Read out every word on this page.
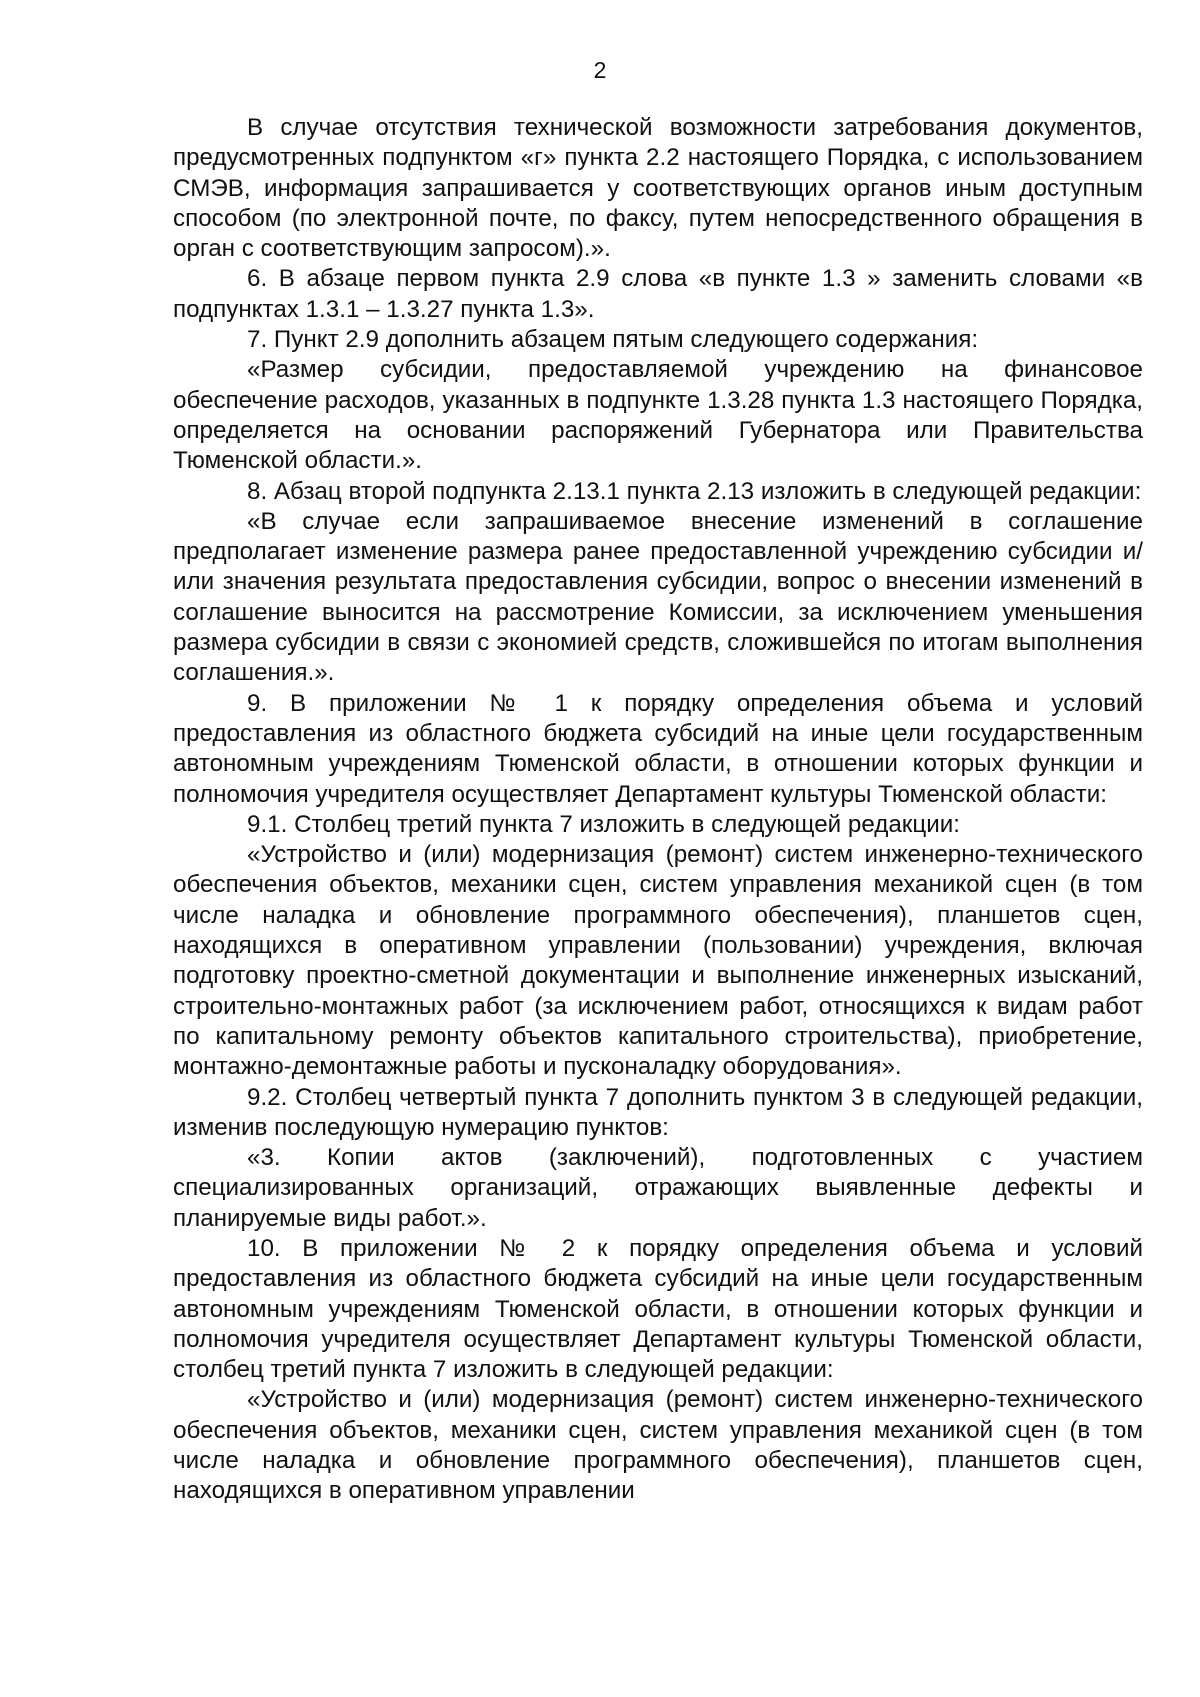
2

В случае отсутствия технической возможности затребования документов, предусмотренных подпунктом «г» пункта 2.2 настоящего Порядка, с использованием СМЭВ, информация запрашивается у соответствующих органов иным доступным способом (по электронной почте, по факсу, путем непосредственного обращения в орган с соответствующим запросом).».

6. В абзаце первом пункта 2.9 слова «в пункте 1.3 » заменить словами «в подпунктах 1.3.1 – 1.3.27 пункта 1.3».

7. Пункт 2.9 дополнить абзацем пятым следующего содержания:

«Размер субсидии, предоставляемой учреждению на финансовое обеспечение расходов, указанных в подпункте 1.3.28 пункта 1.3 настоящего Порядка, определяется на основании распоряжений Губернатора или Правительства Тюменской области.».

8. Абзац второй подпункта 2.13.1 пункта 2.13 изложить в следующей редакции:

«В случае если запрашиваемое внесение изменений в соглашение предполагает изменение размера ранее предоставленной учреждению субсидии и/или значения результата предоставления субсидии, вопрос о внесении изменений в соглашение выносится на рассмотрение Комиссии, за исключением уменьшения размера субсидии в связи с экономией средств, сложившейся по итогам выполнения соглашения.».

9. В приложении № 1 к порядку определения объема и условий предоставления из областного бюджета субсидий на иные цели государственным автономным учреждениям Тюменской области, в отношении которых функции и полномочия учредителя осуществляет Департамент культуры Тюменской области:

9.1. Столбец третий пункта 7 изложить в следующей редакции:

«Устройство и (или) модернизация (ремонт) систем инженерно-технического обеспечения объектов, механики сцен, систем управления механикой сцен (в том числе наладка и обновление программного обеспечения), планшетов сцен, находящихся в оперативном управлении (пользовании) учреждения, включая подготовку проектно-сметной документации и выполнение инженерных изысканий, строительно-монтажных работ (за исключением работ, относящихся к видам работ по капитальному ремонту объектов капитального строительства), приобретение, монтажно-демонтажные работы и пусконаладку оборудования».

9.2. Столбец четвертый пункта 7 дополнить пунктом 3 в следующей редакции, изменив последующую нумерацию пунктов:

«3. Копии актов (заключений), подготовленных с участием специализированных организаций, отражающих выявленные дефекты и планируемые виды работ.».

10. В приложении № 2 к порядку определения объема и условий предоставления из областного бюджета субсидий на иные цели государственным автономным учреждениям Тюменской области, в отношении которых функции и полномочия учредителя осуществляет Департамент культуры Тюменской области, столбец третий пункта 7 изложить в следующей редакции:

«Устройство и (или) модернизация (ремонт) систем инженерно-технического обеспечения объектов, механики сцен, систем управления механикой сцен (в том числе наладка и обновление программного обеспечения), планшетов сцен, находящихся в оперативном управлении
